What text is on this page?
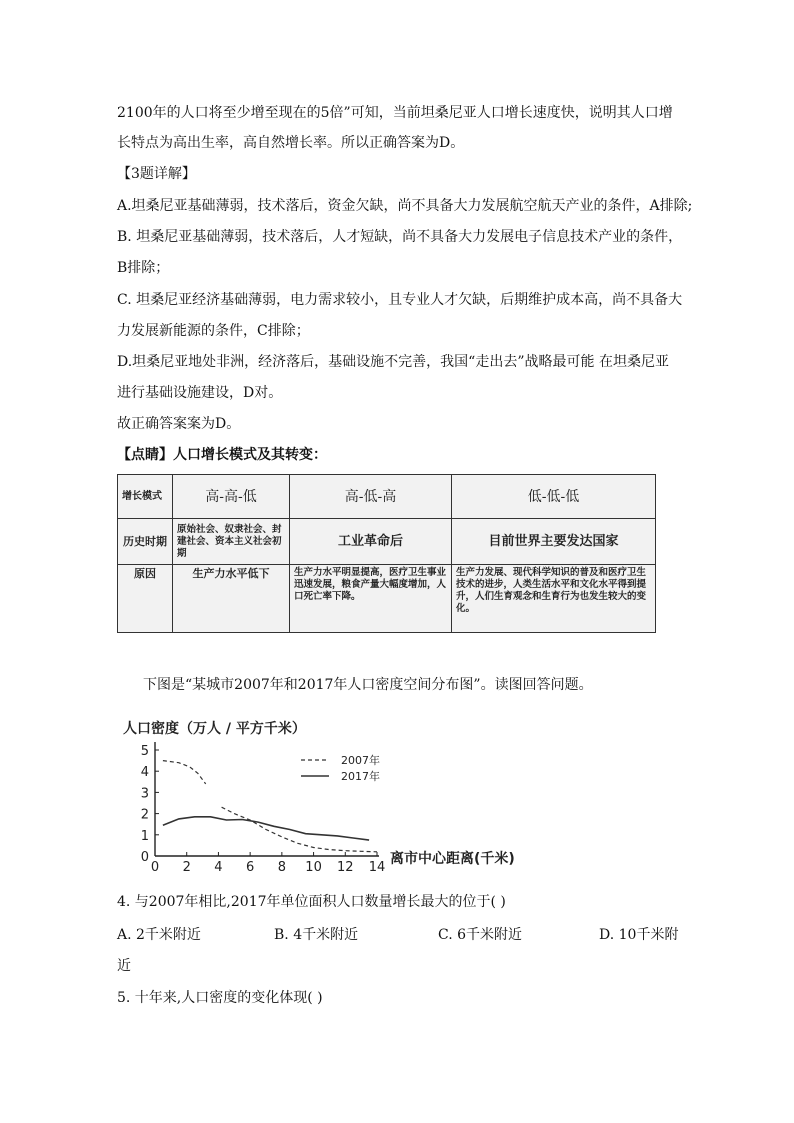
2100年的人口将至少增至现在的5倍”可知，当前坦桑尼亚人口增长速度快，说明其人口增
长特点为高出生率，高自然增长率。所以正确答案为D。
【3题详解】
A.坦桑尼亚基础薄弱，技术落后，资金欠缺，尚不具备大力发展航空航天产业的条件，A排除;
B. 坦桑尼亚基础薄弱，技术落后，人才短缺，尚不具备大力发展电子信息技术产业的条件，
B排除；
C. 坦桑尼亚经济基础薄弱，电力需求较小，且专业人才欠缺，后期维护成本高，尚不具备大
力发展新能源的条件，C排除；
D.坦桑尼亚地处非洲，经济落后，基础设施不完善，我国“走出去”战略最可能 在坦桑尼亚
进行基础设施建设，D对。
故正确答案案为D。
【点睛】人口增长模式及其转变：
增长模式	高-高-低	高-低-高	低-低-低
历史时期	原始社会、奴隶社会、封建社会、资本主义社会初期	工业革命后	目前世界主要发达国家
原因	生产力水平低下	生产力水平明显提高，医疗卫生事业迅速发展，粮食产量大幅度增加，人口死亡率下降。	生产力发展、现代科学知识的普及和医疗卫生技术的进步，人类生活水平和文化水平得到提升，人们生育观念和生育行为也发生较大的变化。
下图是“某城市2007年和2017年人口密度空间分布图”。读图回答问题。
人口密度（万人 / 平方千米）
0 2 4 6 8 10 12 14
0
1
2
3
4
5
2007年
2017年
离市中心距离(千米)
4. 与2007年相比,2017年单位面积人口数量增长最大的位于( )
A. 2千米附近	B. 4千米附近	C. 6千米附近	D. 10千米附
近
5. 十年来,人口密度的变化体现( )
